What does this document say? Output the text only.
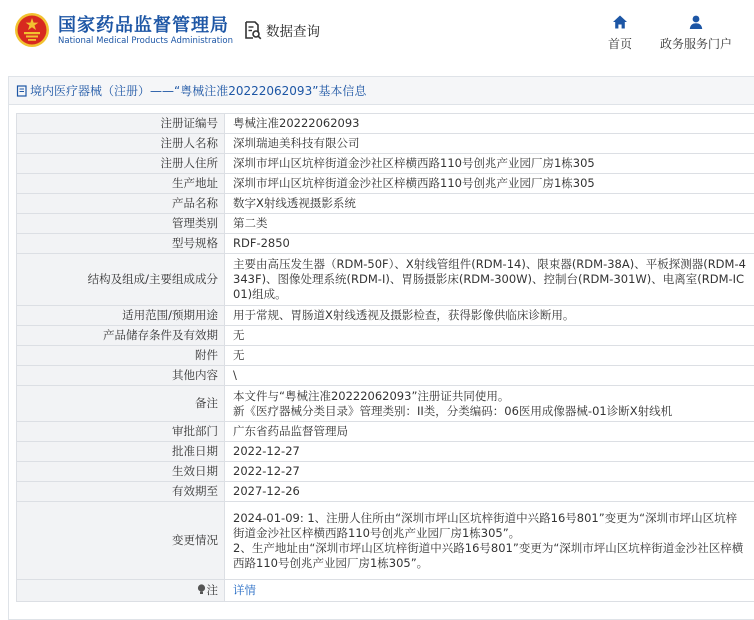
国家药品监督管理局
National Medical Products Administration
数据查询
首页	政务服务门户
境内医疗器械（注册）——“粤械注准20222062093”基本信息
注册证编号	粤械注准20222062093
注册人名称	深圳瑞迪美科技有限公司
注册人住所	深圳市坪山区坑梓街道金沙社区梓横西路110号创兆产业园厂房1栋305
生产地址	深圳市坪山区坑梓街道金沙社区梓横西路110号创兆产业园厂房1栋305
产品名称	数字X射线透视摄影系统
管理类别	第二类
型号规格	RDF-2850
结构及组成/主要组成成分	主要由高压发生器（RDM-50F）、X射线管组件(RDM-14)、限束器(RDM-38A)、平板探测器(RDM-4343F)、图像处理系统(RDM-I)、胃肠摄影床(RDM-300W)、控制台(RDM-301W)、电离室(RDM-IC01)组成。
适用范围/预期用途	用于常规、胃肠道X射线透视及摄影检查，获得影像供临床诊断用。
产品储存条件及有效期	无
附件	无
其他内容	\
备注	本文件与“粤械注准20222062093”注册证共同使用。
新《医疗器械分类目录》管理类别：II类，分类编码：06医用成像器械-01诊断X射线机

审批部门	广东省药品监督管理局
批准日期	2022-12-27
生效日期	2022-12-27
有效期至	2027-12-26
变更情况	2024-01-09: 1、注册人住所由“深圳市坪山区坑梓街道中兴路16号801”变更为“深圳市坪山区坑梓街道金沙社区梓横西路110号创兆产业园厂房1栋305”。
2、生产地址由“深圳市坪山区坑梓街道中兴路16号801”变更为“深圳市坪山区坑梓街道金沙社区梓横西路110号创兆产业园厂房1栋305”。

注	详情
